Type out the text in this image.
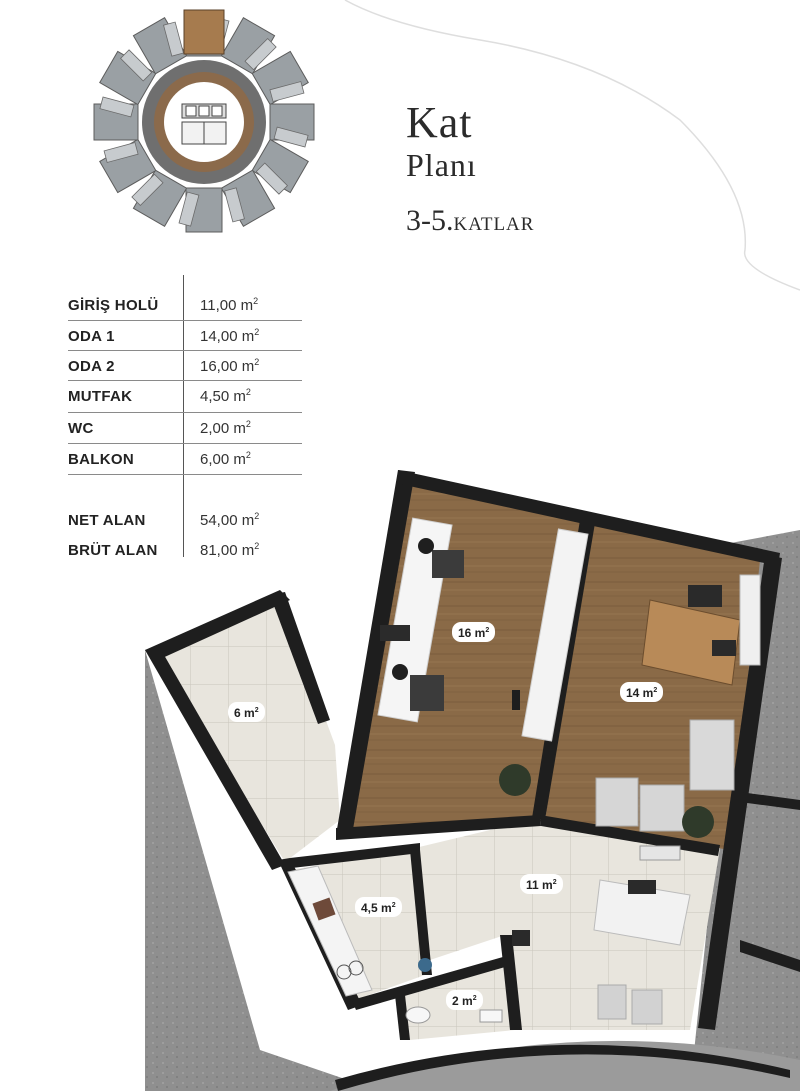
Kat
Planı
3-5.KATLAR
GİRİŞ HOLÜ	11,00 $m^2$
ODA 1	14,00 $m^2$
ODA 2	16,00 $m^2$
MUTFAK	4,50 $m^2$
WC	2,00 $m^2$
BALKON	6,00 $m^2$
NET ALAN	54,00 $m^2$
BRÜT ALAN	81,00 $m^2$
16 $m^2$
14 $m^2$
6 $m^2$
11 $m^2$
4,5 $m^2$
2 $m^2$
